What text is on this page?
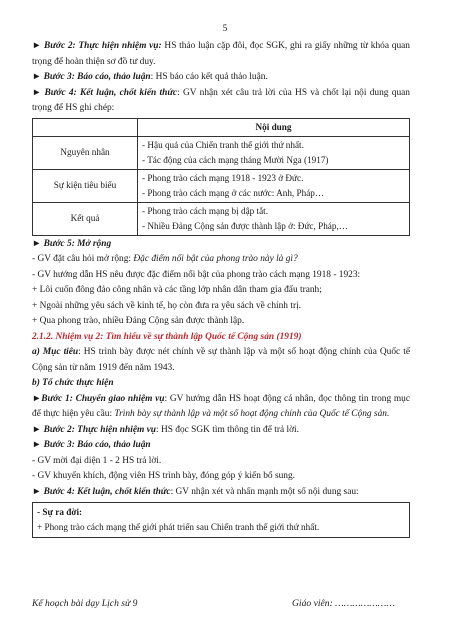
5

► Bước 2: Thực hiện nhiệm vụ: HS thảo luận cặp đôi, đọc SGK, ghi ra giấy những từ khóa quan trọng để hoàn thiện sơ đồ tư duy.

► Bước 3: Báo cáo, thảo luận: HS báo cáo kết quả thảo luận.

► Bước 4: Kết luận, chốt kiến thức: GV nhận xét câu trả lời của HS và chốt lại nội dung quan trọng để HS ghi chép:

	Nội dung
Nguyên nhân	- Hậu quả của Chiến tranh thế giới thứ nhất.
- Tác động của cách mạng tháng Mười Nga (1917)

Sự kiện tiêu biểu	- Phong trào cách mạng 1918 - 1923 ở Đức.
- Phong trào cách mạng ở các nước: Anh, Pháp…

Kết quả	- Phong trào cách mạng bị dập tắt.
- Nhiều Đảng Cộng sản được thành lập ở: Đức, Pháp,…

► Bước 5: Mở rộng

- GV đặt câu hỏi mở rộng: Đặc điểm nổi bật của phong trào này là gì?

- GV hướng dẫn HS nêu được đặc điểm nổi bật của phong trào cách mạng 1918 - 1923:

+ Lôi cuốn đông đảo công nhân và các tầng lớp nhân dân tham gia đấu tranh;

+ Ngoài những yêu sách về kinh tế, họ còn đưa ra yêu sách về chính trị.

+ Qua phong trào, nhiều Đảng Cộng sản được thành lập.

2.1.2. Nhiệm vụ 2: Tìm hiểu về sự thành lập Quốc tế Cộng sản (1919)

a) Mục tiêu: HS trình bày được nét chính về sự thành lập và một số hoạt động chính của Quốc tế Cộng sản từ năm 1919 đến năm 1943.

b) Tổ chức thực hiện

►Bước 1: Chuyển giao nhiệm vụ: GV hướng dẫn HS hoạt động cá nhân, đọc thông tin trong mục để thực hiện yêu cầu: Trình bày sự thành lập và một số hoạt động chính của Quốc tế Cộng sản.

► Bước 2: Thực hiện nhiệm vụ: HS đọc SGK tìm thông tin để trả lời.

► Bước 3: Báo cáo, thảo luận

- GV mời đại diện 1 - 2 HS trả lời.

- GV khuyến khích, động viên HS trình bày, đóng góp ý kiến bổ sung.

► Bước 4: Kết luận, chốt kiến thức: GV nhận xét và nhấn mạnh một số nội dung sau:

- Sự ra đời:
+ Phong trào cách mạng thế giới phát triển sau Chiến tranh thế giới thứ nhất.
Kế hoạch bài dạy Lịch sử 9	Giáo viên: …………………
